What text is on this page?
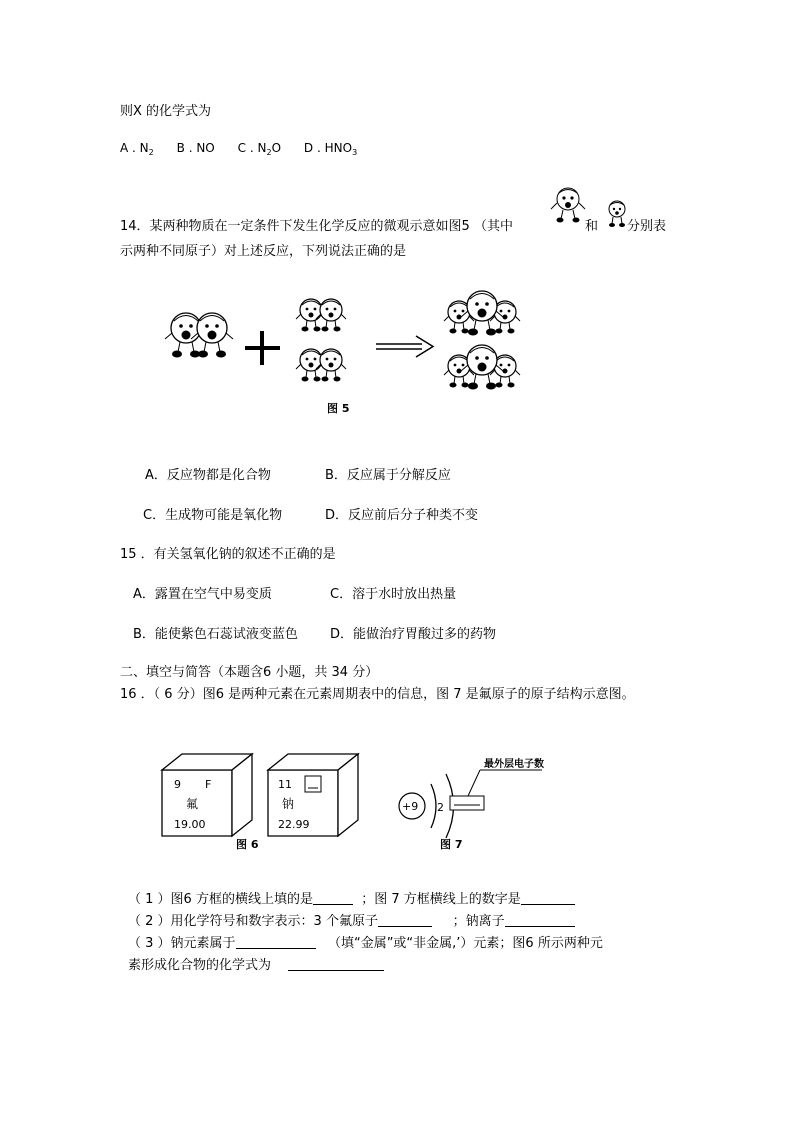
则X 的化学式为
A . $N_2$ B . NO C . $N_2O$ D . $HNO_3$
14．某两种物质在一定条件下发生化学反应的微观示意如图5 （其中	和 分别表
示两种不同原子）对上述反应，下列说法正确的是
图 5
A．反应物都是化合物	B．反应属于分解反应
C．生成物可能是氧化物	D．反应前后分子种类不变
15 ．有关氢氧化钠的叙述不正确的是
A．露置在空气中易变质	C．溶于水时放出热量
B．能使紫色石蕊试液变蓝色 D．能做治疗胃酸过多的药物
二、填空与简答（本题含6 小题，共 34 分）
16 ．（ 6 分）图6 是两种元素在元素周期表中的信息，图 7 是氟原子的原子结构示意图。
9 F
氟
19.00
11
钠
22.99
图 6
+9 2
最外层电子数
图 7
（ 1 ）图6 方框的横线上填的是	；图 7 方框横线上的数字是
（ 2 ）用化学符号和数字表示：3 个氟原子	；钠离子
（ 3 ）钠元素属于	（填“金属”或“非金属,’）元素；图6 所示两种元
素形成化合物的化学式为
